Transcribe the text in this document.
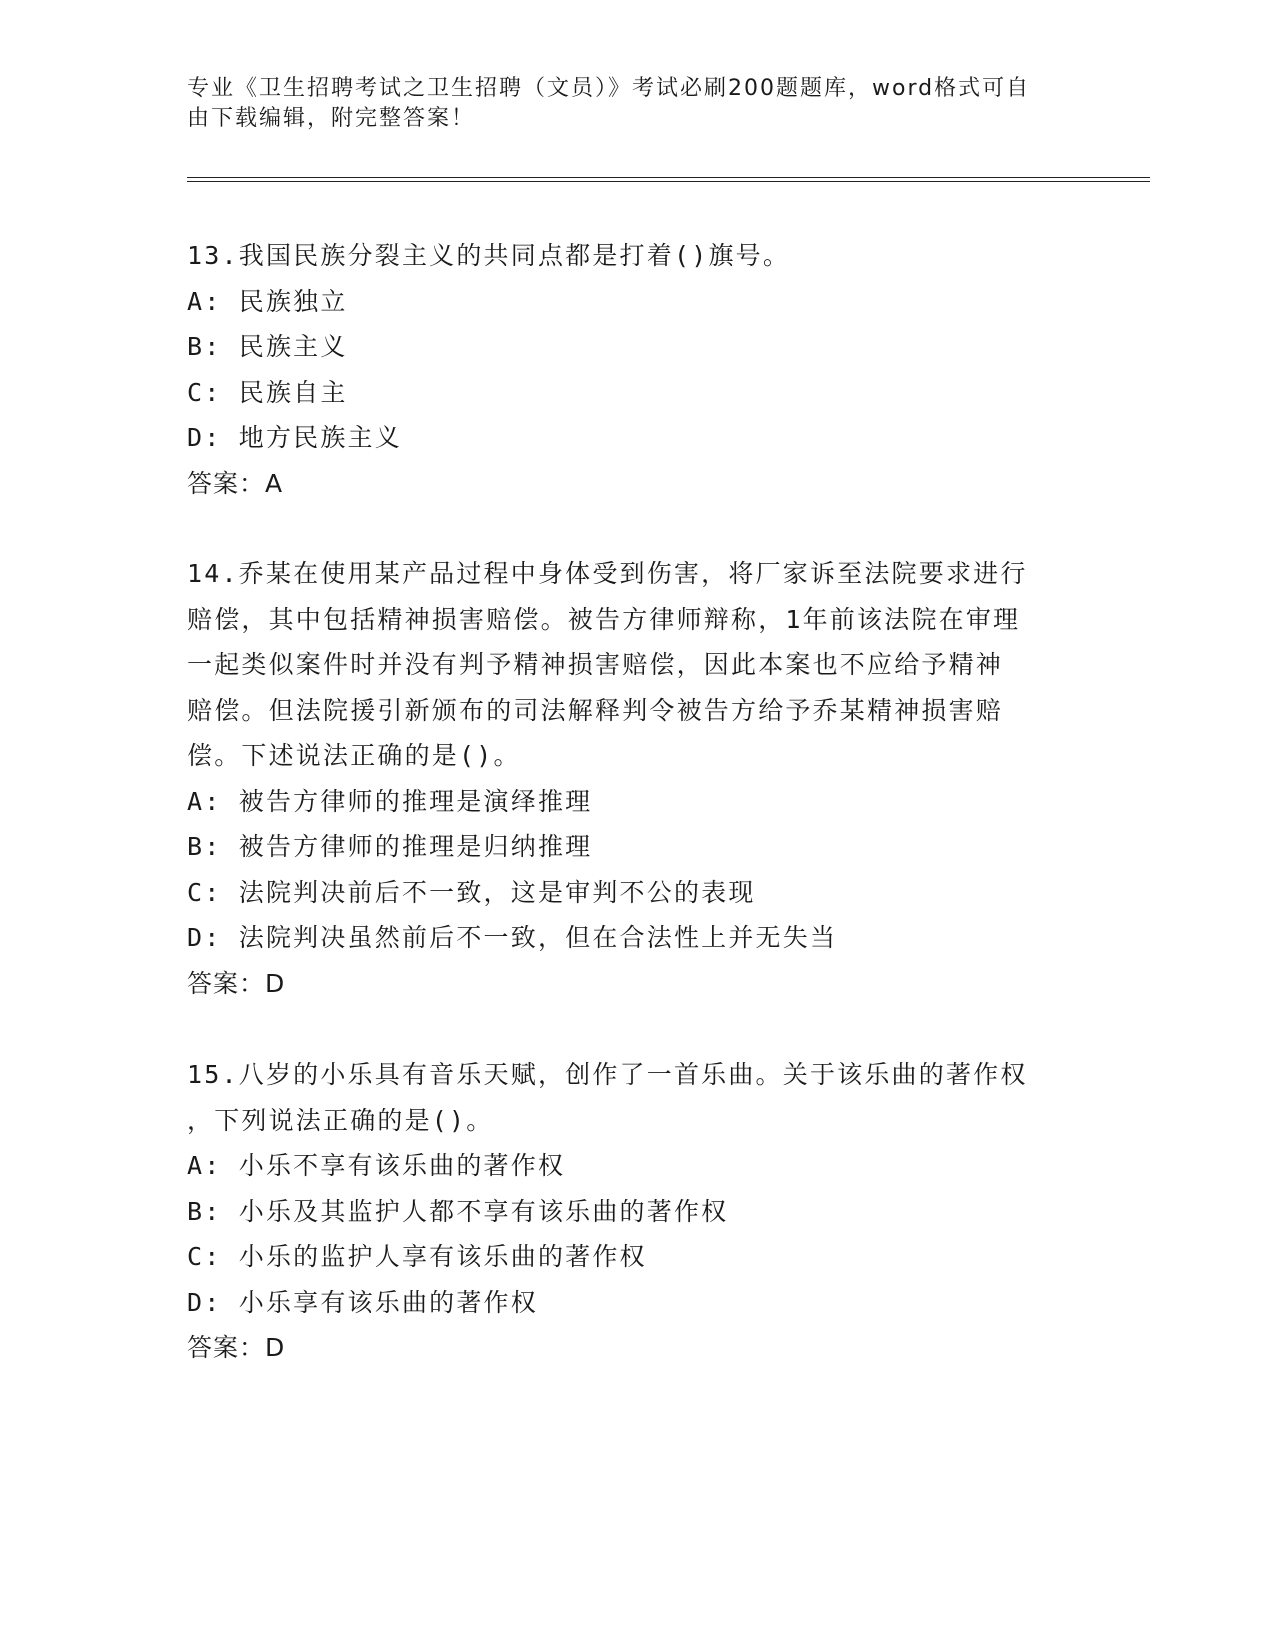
专业《卫生招聘考试之卫生招聘（文员）》考试必刷200题题库，word格式可自
由下载编辑，附完整答案！

13.我国民族分裂主义的共同点都是打着()旗号。

A: 民族独立

B: 民族主义

C: 民族自主

D: 地方民族主义

答案：A

14.乔某在使用某产品过程中身体受到伤害，将厂家诉至法院要求进行

赔偿，其中包括精神损害赔偿。被告方律师辩称，1年前该法院在审理

一起类似案件时并没有判予精神损害赔偿，因此本案也不应给予精神

赔偿。但法院援引新颁布的司法解释判令被告方给予乔某精神损害赔

偿。下述说法正确的是()。

A: 被告方律师的推理是演绎推理

B: 被告方律师的推理是归纳推理

C: 法院判决前后不一致，这是审判不公的表现

D: 法院判决虽然前后不一致，但在合法性上并无失当

答案：D

15.八岁的小乐具有音乐天赋，创作了一首乐曲。关于该乐曲的著作权

，下列说法正确的是()。

A: 小乐不享有该乐曲的著作权

B: 小乐及其监护人都不享有该乐曲的著作权

C: 小乐的监护人享有该乐曲的著作权

D: 小乐享有该乐曲的著作权

答案：D
